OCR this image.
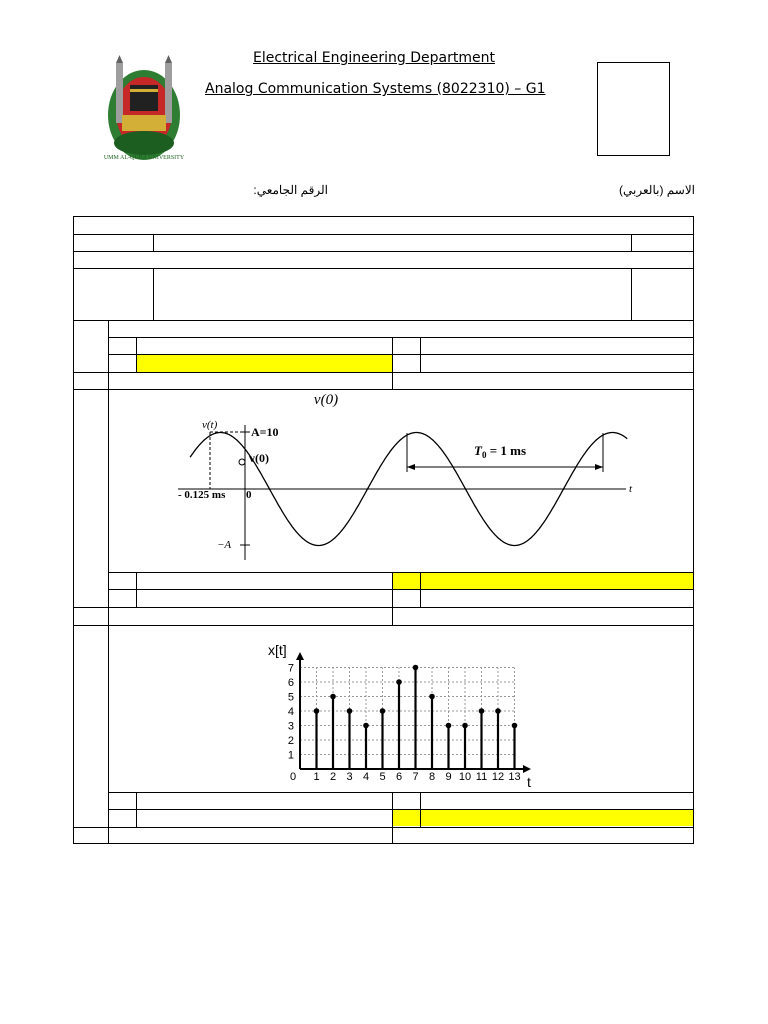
UMM AL-QURA UNIVERSITY
Electrical Engineering Department
Analog Communication Systems (8022310) – G1
الرقم الجامعي:	الاسم (بالعربي)
v(0)
v(t)	A=10
v(0)
- 0.125 ms 0
−A
$T_0 = 1$ ms
t
1 2 3 4 5 6 7 8 9 10 11 12 13
1
2
3
4
5
6
7
x[t]
t
0
